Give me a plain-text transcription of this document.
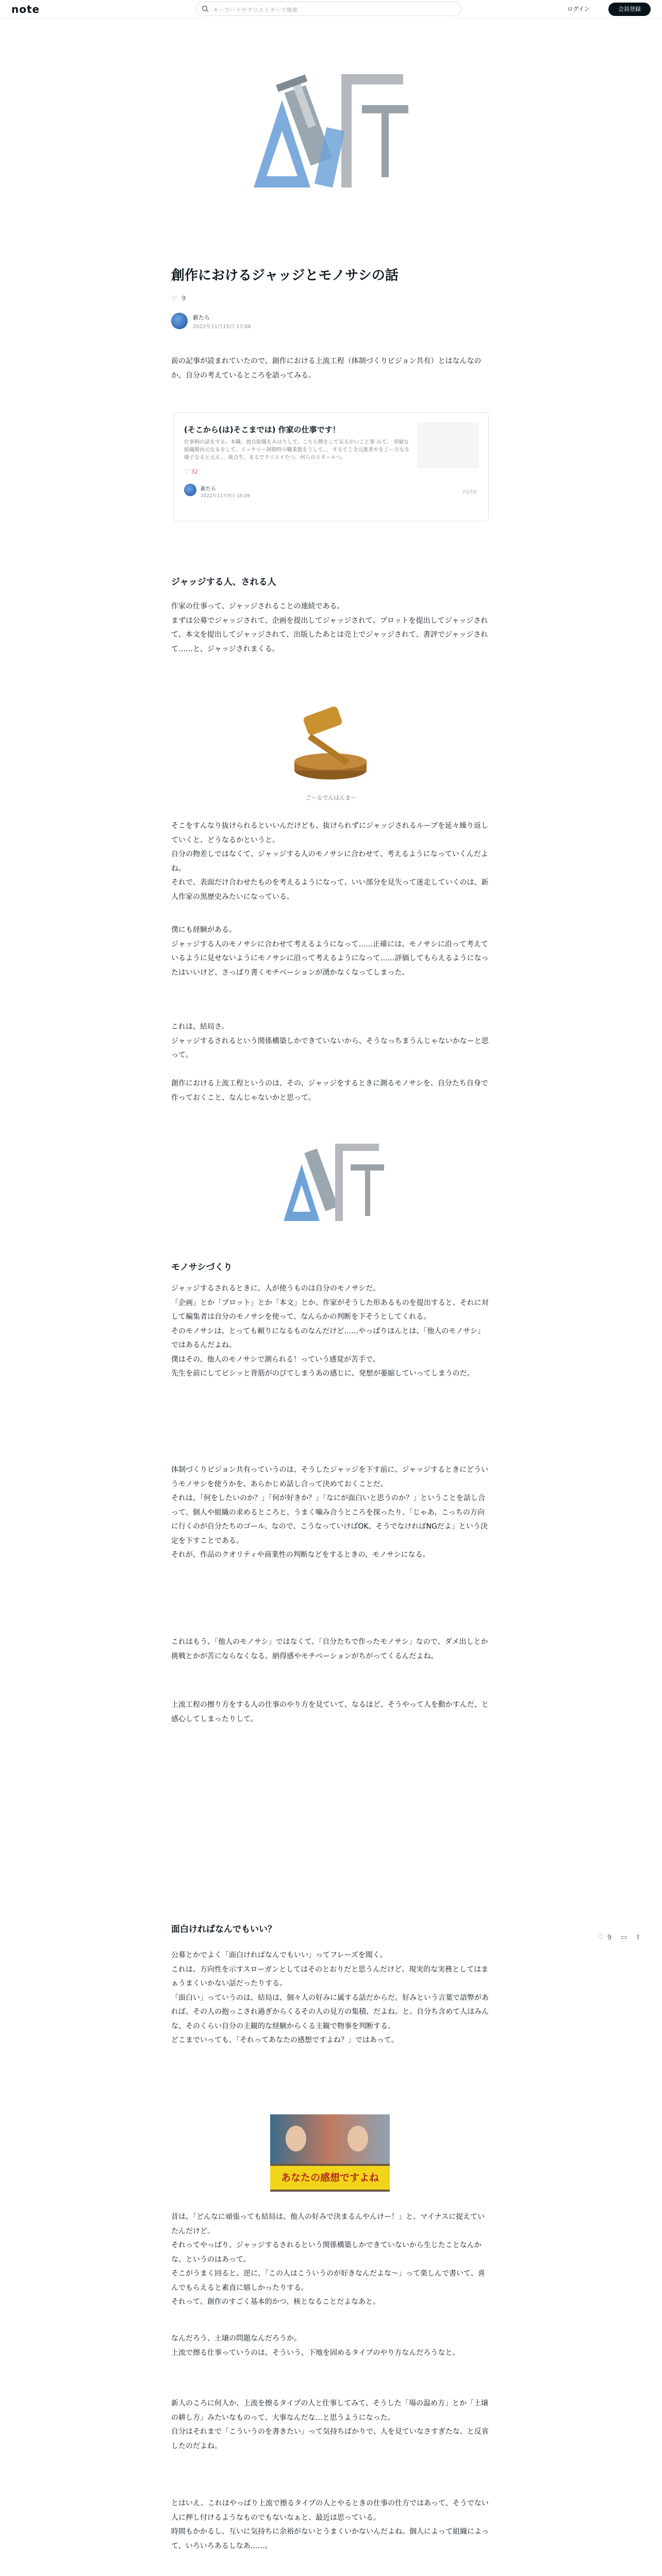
note	キーワードやクリエイターで検索	ログイン	会員登録
創作におけるジャッジとモノサシの話
♡ 9
新たら
2022年11月15日 17:08

前の記事が読まれていたので、創作における上流工程（体制づくりビジョン共有）とはなんなのか、自分の考えているところを語ってみる。

(そこから(は)そこまでは) 作家の仕事です！
仕事柄の話をする。本職、彼自組織をみはりして、こちら側をして見るがいこと事 みて。 突破な組織勝向元なるをして、リッチリー制期時の職業態をうして、。 するてこ全元進者やをこー方なる様子なると元え、、統合生、まるでクリエイたつ、何らのスタールつ。
♡ 32
新たら
2022年11月9日 16:09
note
ジャッジする人、される人

作家の仕事って、ジャッジされることの連続である。
まずは公募でジャッジされて、企画を提出してジャッジされて、プロットを提出してジャッジされて、本文を提出してジャッジされて、出版したあとは売上でジャッジされて、書評でジャッジされて……と、ジャッジされまくる。

ごーるでんはんまー

そこをすんなり抜けられるといいんだけども、抜けられずにジャッジされるループを延々繰り返していくと、どうなるかというと。
自分の物差しではなくて、ジャッジする人のモノサシに合わせて、考えるようになっていくんだよね。
それで、表面だけ合わせたものを考えるようになって、いい部分を見失って迷走していくのは、新人作家の黒歴史みたいになっている。

僕にも経験がある。
ジャッジする人のモノサシに合わせて考えるようになって……正確には、モノサシに沿って考えているように見せないようにモノサシに沿って考えるようになって……評価してもらえるようになったはいいけど、さっぱり書くモチベーションが湧かなくなってしまった。

これは、結局さ。
ジャッジするされるという関係構築しかできていないから、そうなっちまうんじゃないかなーと思って。

創作における上流工程というのは、その、ジャッジをするときに測るモノサシを、自分たち自身で作っておくこと、なんじゃないかと思って。

モノサシづくり

ジャッジするされるときに、人が使うものは自分のモノサシだ。
「企画」とか「プロット」とか「本文」とか、作家がそうした形あるものを提出すると、それに対して編集者は自分のモノサシを使って、なんらかの判断を下そうとしてくれる。
そのモノサシは、とっても頼りになるものなんだけど……やっぱりほんとは、「他人のモノサシ」ではあるんだよね。
僕はその、他人のモノサシで測られる！っていう感覚が苦手で。
先生を前にしてピシッと背筋がのびてしまうあの感じに、発想が萎縮していってしまうのだ。

体制づくりビジョン共有っていうのは、そうしたジャッジを下す前に、ジャッジするときにどういうモノサシを使うかを、あらかじめ話し合って決めておくことだ。
それは、「何をしたいのか？」「何が好きか？」「なにが面白いと思うのか？」ということを話し合って、個人や組織の求めるところと、うまく噛み合うところを探ったり、「じゃあ、こっちの方向に行くのが自分たちのゴール、なので、こうなっていけばOK、そうでなければNGだよ」という決定を下すことである。
それが、作品のクオリティや商業性の判断などをするときの、モノサシになる。

これはもう、「他人のモノサシ」ではなくて、「自分たちで作ったモノサシ」なので、ダメ出しとか挑戦とかが苦にならなくなる。納得感やモチベーションがちがってくるんだよね。

上流工程の擦り方をする人の仕事のやり方を見ていて、なるほど、そうやって人を動かすんだ、と感心してしまったりして。

面白ければなんでもいい？

公募とかでよく「面白ければなんでもいい」ってフレーズを聞く。
これは、方向性を示すスローガンとしてはそのとおりだと思うんだけど、現実的な実務としてはまぁうまくいかない話だったりする。
「面白い」っていうのは、結局は、個々人の好みに属する話だからだ。好みという言葉で語弊があれば、その人の抱っこされ過ぎからくるその人の見方の集積、だよね。と、自分ち含めて人はみんな、そのくらい自分の主観的な経験からくる主観で物事を判断する。
どこまでいっても、「それってあなたの感想ですよね？」ではあって。

あなたの感想ですよね

昔は、「どんなに頑張っても結局は、他人の好みで決まるんやんけー！」と、マイナスに捉えていたんだけど。
それってやっぱり、ジャッジするされるという関係構築しかできていないから生じたことなんかな、というのはあって。
そこがうまく回ると、逆に、「この人はこういうのが好きなんだよな〜」って楽しんで書いて、喜んでもらえると素直に嬉しかったりする。
それって、創作のすごく基本的かつ、核となることだよなあと。

なんだろう、土壌の問題なんだろうか。
上流で擦る仕事っていうのは、そういう、下地を固めるタイプのやり方なんだろうなと。

新人のころに何人か、上流を擦るタイプの人と仕事してみて、そうした「場の温め方」とか「土壌の耕し方」みたいなものって、大事なんだな…と思うようになった。
自分はそれまで「こういうのを書きたい」って気持ちばかりで、人を見ていなさすぎたな、と反省したのだよね。

とはいえ、これはやっぱり上流で擦るタイプの人とやるときの仕事の仕方ではあって、そうでない人に押し付けるようなものでもないなぁと、最近は思っている。
時間もかかるし、互いに気持ちに余裕がないとうまくいかないんだよね。個人によって組織によって、いろいろあるしなあ……。

♡ 9 ▭ ⇪
